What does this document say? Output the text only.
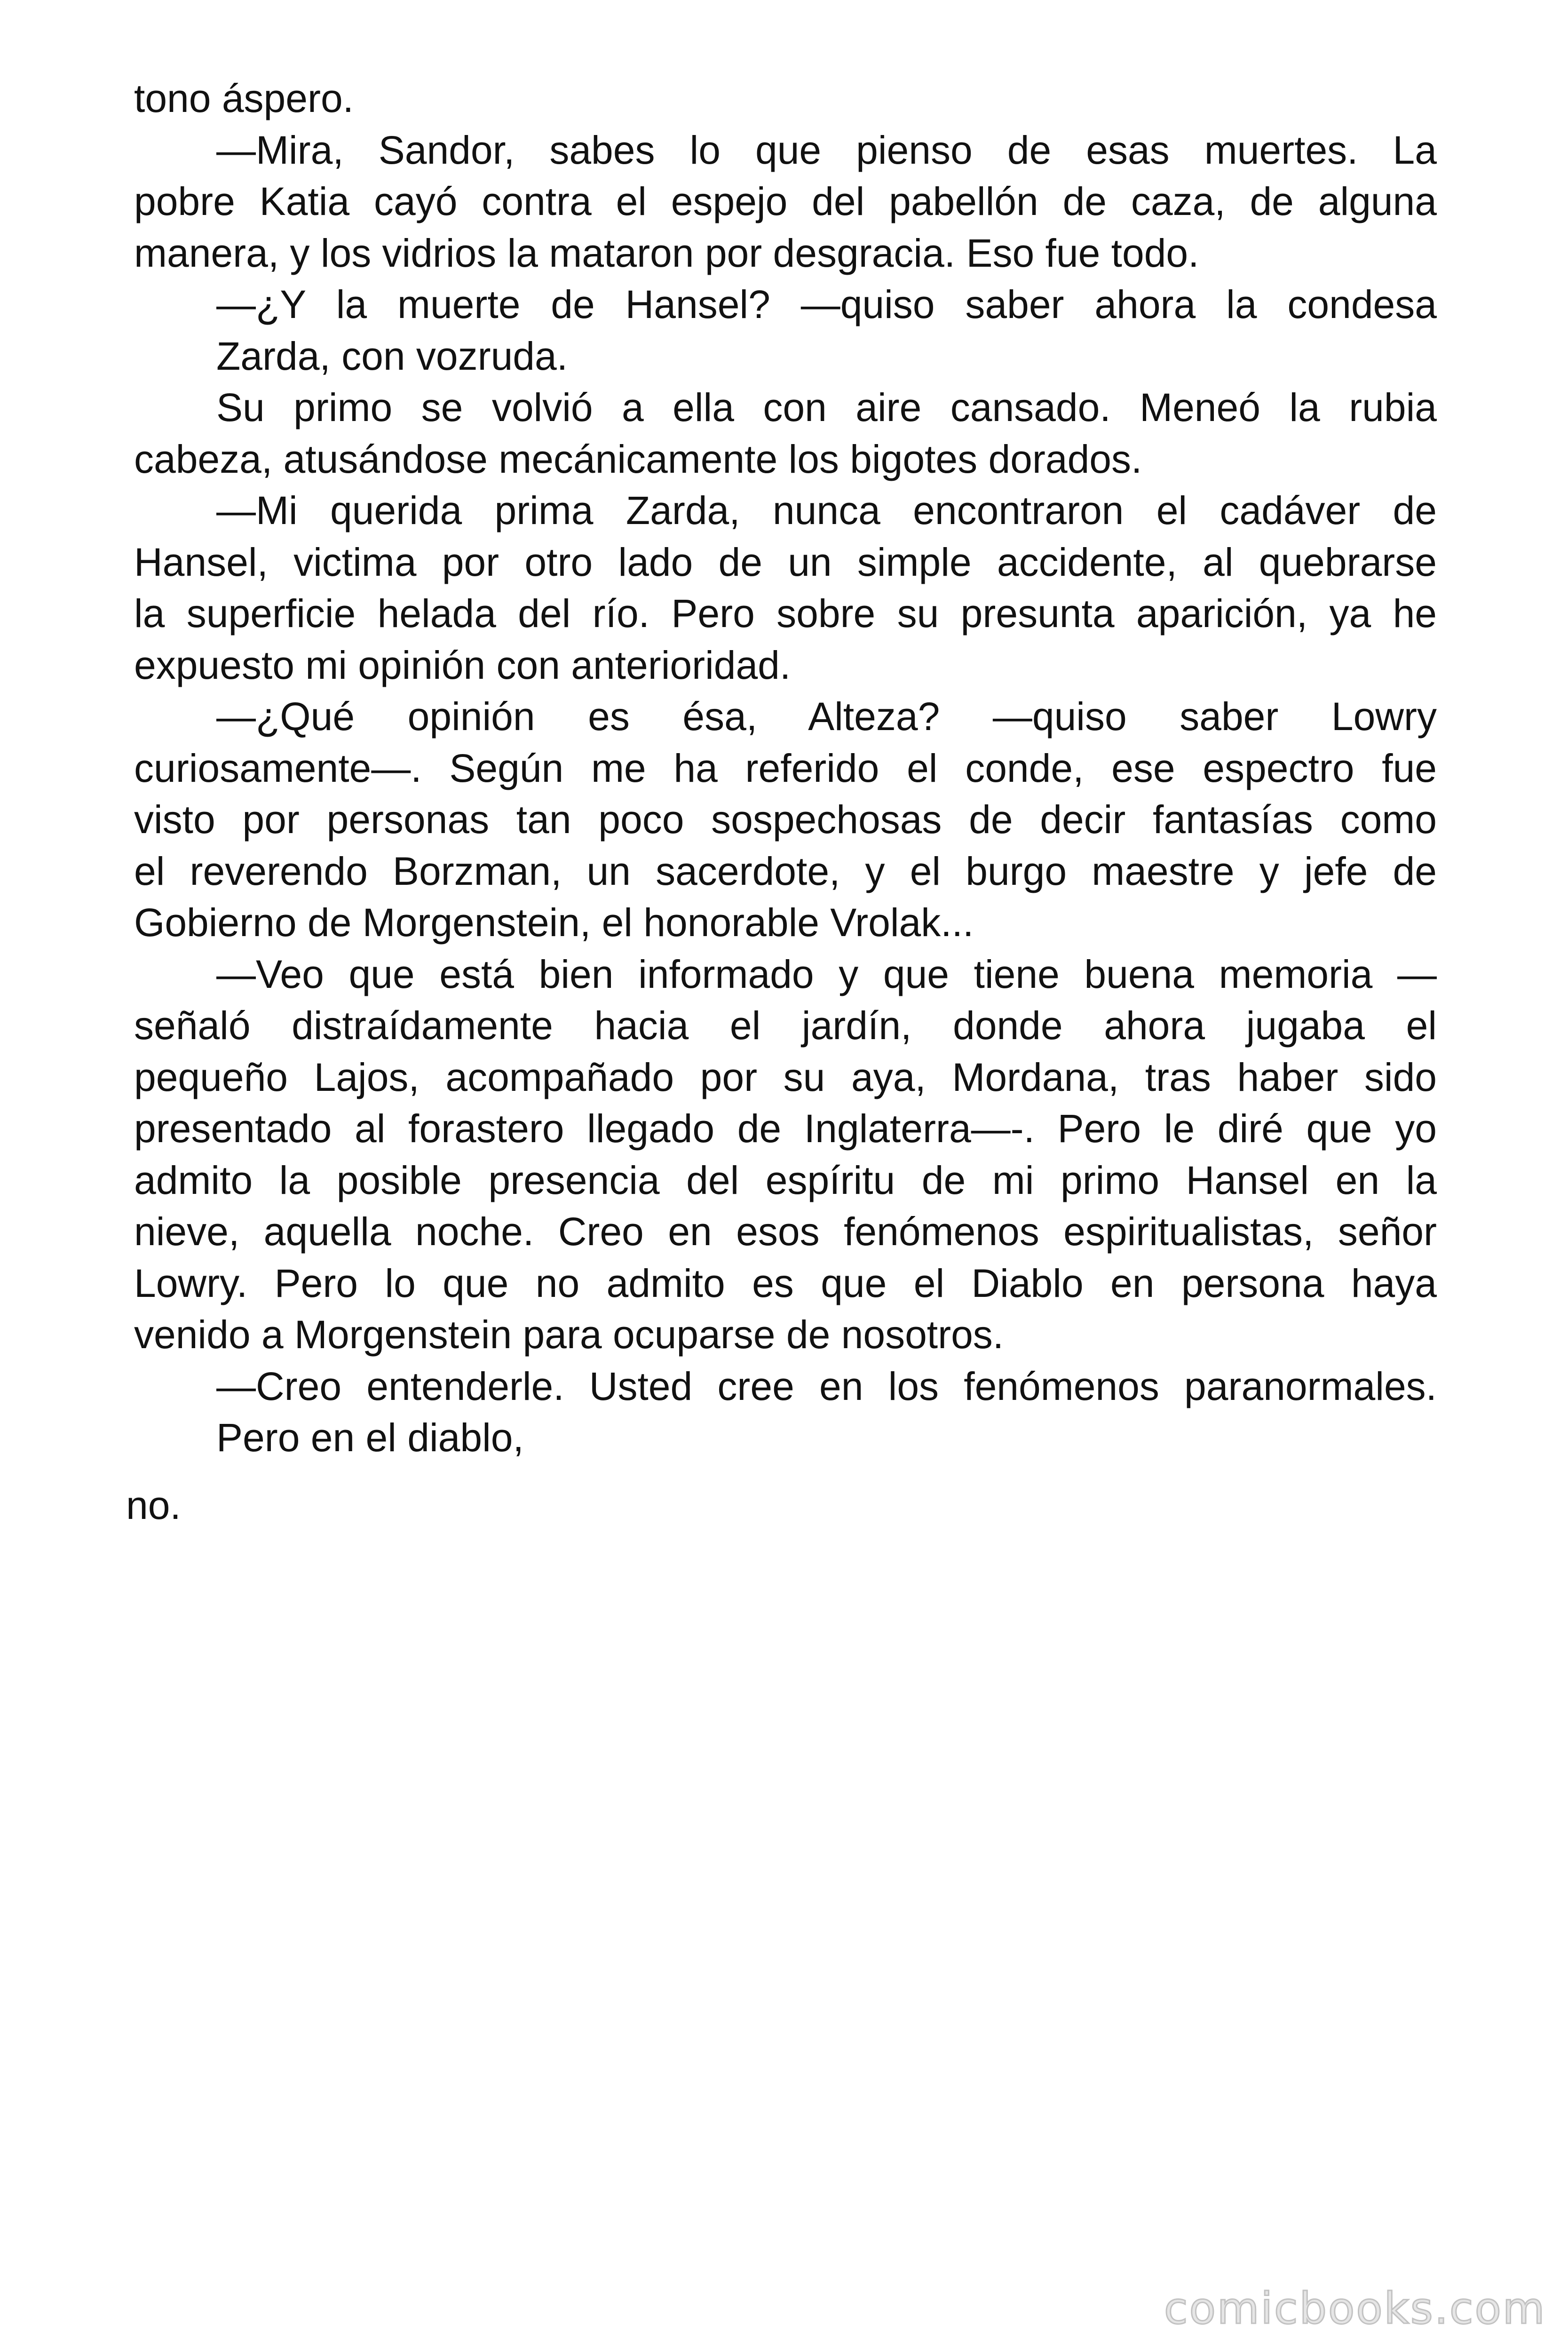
tono áspero.
—Mira, Sandor, sabes lo que pienso de esas muertes. La
pobre Katia cayó contra el espejo del pabellón de caza, de alguna
manera, y los vidrios la mataron por desgracia. Eso fue todo.
—¿Y la muerte de Hansel? —quiso saber ahora la condesa
Zarda, con vozruda.
Su primo se volvió a ella con aire cansado. Meneó la rubia
cabeza, atusándose mecánicamente los bigotes dorados.
—Mi querida prima Zarda, nunca encontraron el cadáver de
Hansel, victima por otro lado de un simple accidente, al quebrarse
la superficie helada del río. Pero sobre su presunta aparición, ya he
expuesto mi opinión con anterioridad.
—¿Qué opinión es ésa, Alteza? —quiso saber Lowry
curiosamente—. Según me ha referido el conde, ese espectro fue
visto por personas tan poco sospechosas de decir fantasías como
el reverendo Borzman, un sacerdote, y el burgo maestre y jefe de
Gobierno de Morgenstein, el honorable Vrolak...
—Veo que está bien informado y que tiene buena memoria —
señaló distraídamente hacia el jardín, donde ahora jugaba el
pequeño Lajos, acompañado por su aya, Mordana, tras haber sido
presentado al forastero llegado de Inglaterra—-. Pero le diré que yo
admito la posible presencia del espíritu de mi primo Hansel en la
nieve, aquella noche. Creo en esos fenómenos espiritualistas, señor
Lowry. Pero lo que no admito es que el Diablo en persona haya
venido a Morgenstein para ocuparse de nosotros.
—Creo entenderle. Usted cree en los fenómenos paranormales.
Pero en el diablo,
no.
comicbooks.com
